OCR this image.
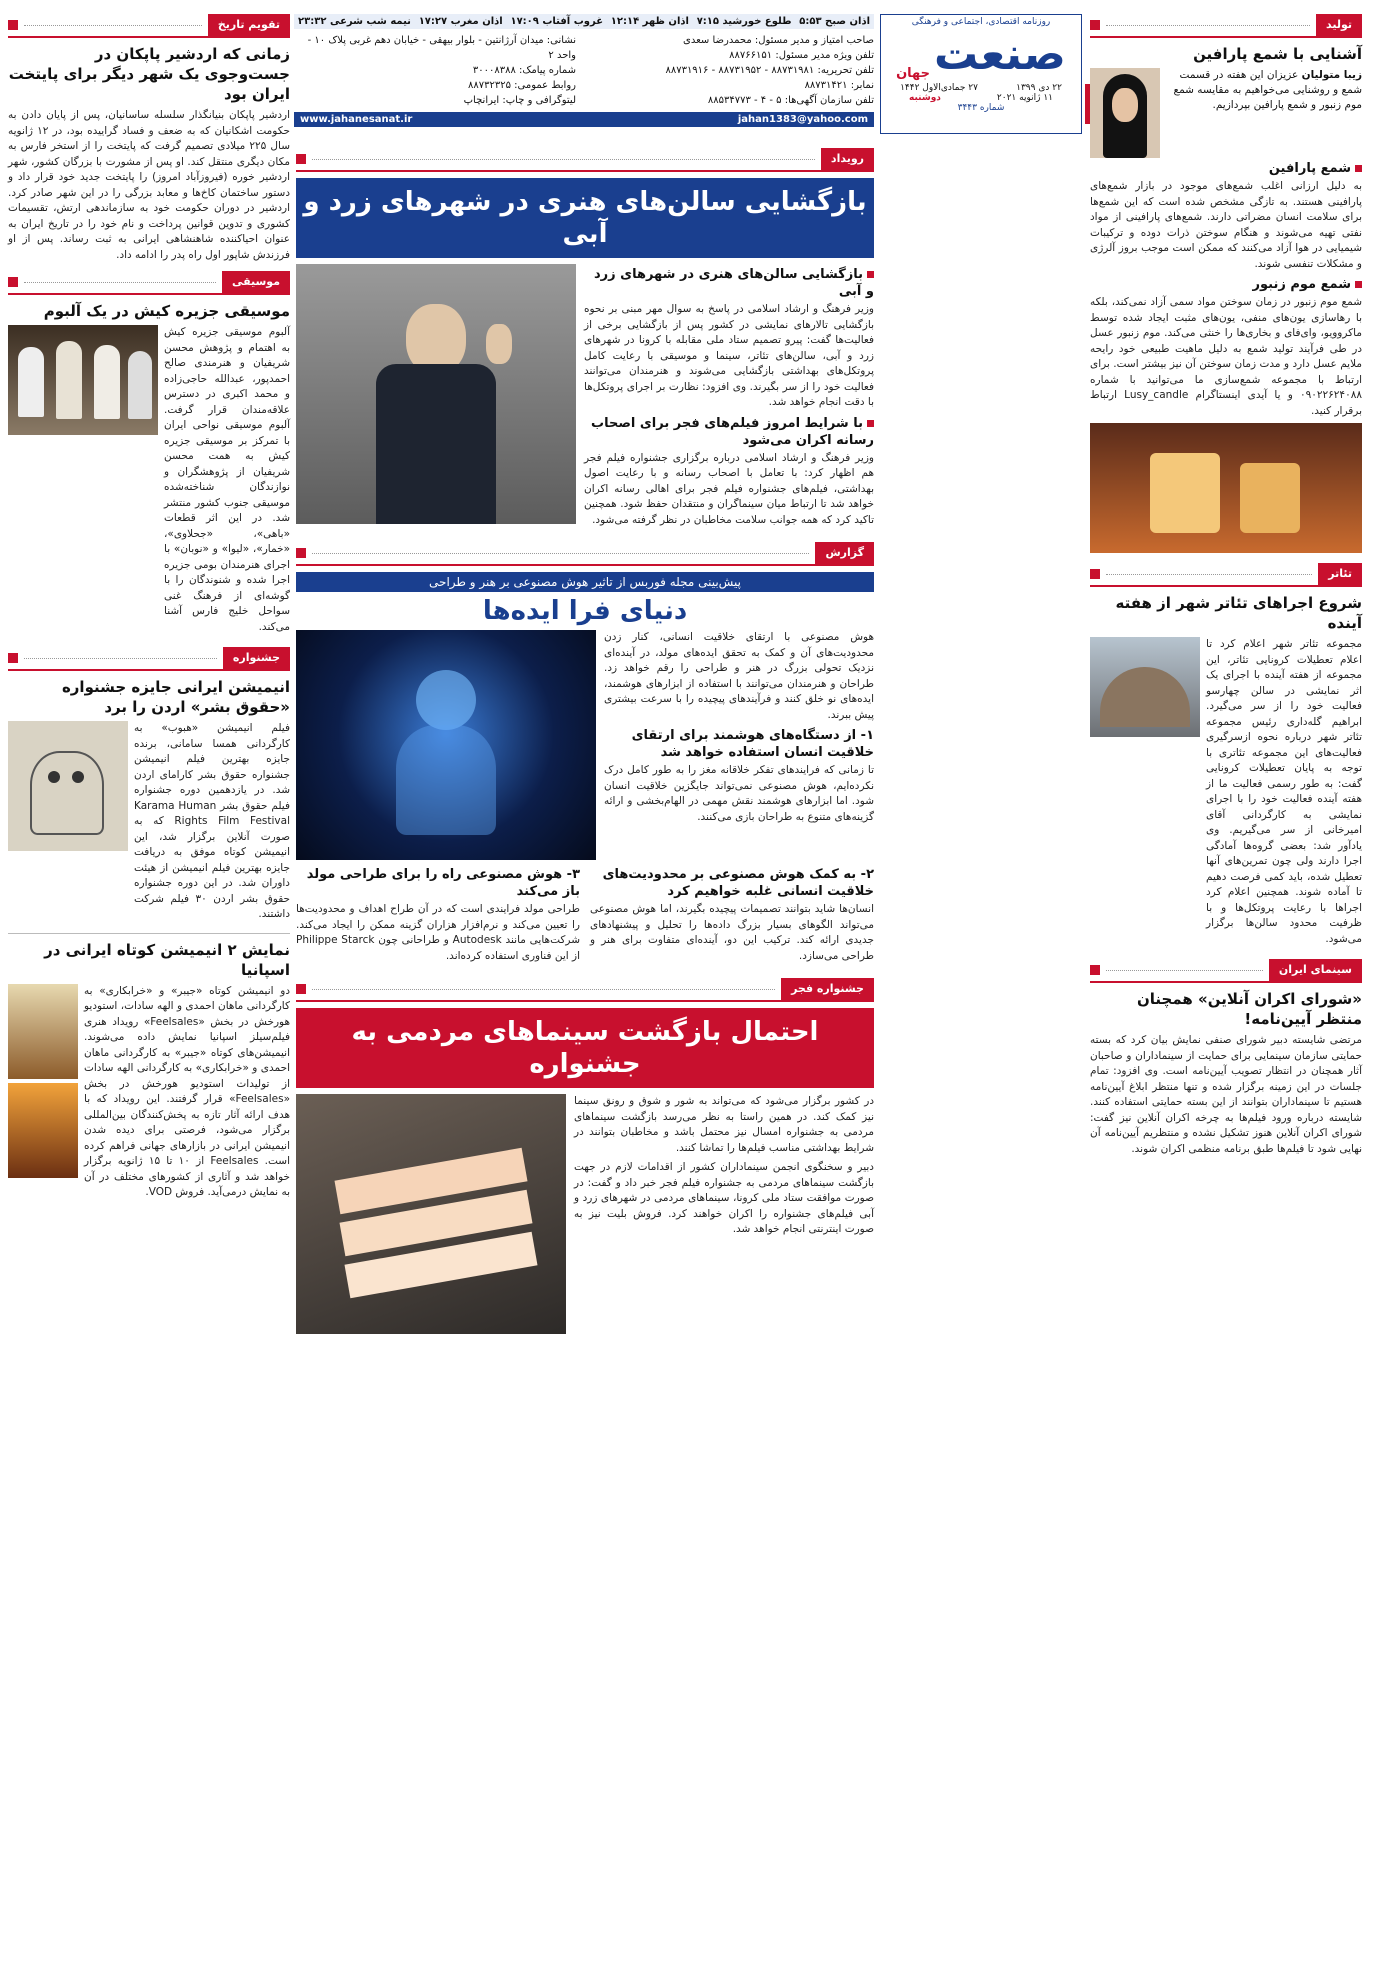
اذان صبح ۵:۵۳
طلوع خورشید ۷:۱۵
اذان ظهر ۱۲:۱۴
غروب آفتاب ۱۷:۰۹
اذان مغرب ۱۷:۲۷
نیمه شب شرعی ۲۳:۳۲
صاحب امتیاز و مدیر مسئول: محمدرضا سعدی
تلفن ویژه مدیر مسئول: ۸۸۷۶۶۱۵۱
تلفن تحریریه: ۸۸۷۳۱۹۸۱ - ۸۸۷۳۱۹۵۲ - ۸۸۷۳۱۹۱۶
نمابر: ۸۸۷۳۱۴۲۱
تلفن سازمان آگهی‌ها: ۵ - ۴ - ۸۸۵۳۴۷۷۳
نشانی: میدان آرژانتین - بلوار بیهقی - خیابان دهم غربی پلاک ۱۰ - واحد ۲
شماره پیامک: ۳۰۰۰۸۳۸۸
روابط عمومی: ۸۸۷۳۲۳۲۵
لیتوگرافی و چاپ: ایرانچاپ
www.jahanesanat.ir	jahan1383@yahoo.com
روزنامه اقتصادی، اجتماعی و فرهنگی
صنعت
جهان
۲۲ دی ۱۳۹۹
۲۷ جمادی‌الاول ۱۴۴۲
۱۱ ژانویه ۲۰۲۱
دوشنبه
شماره ۳۴۴۳
تقویم تاریخ
زمانی که اردشیر پاپکان در جست‌وجوی یک شهر دیگر برای پایتخت ایران بود

اردشیر پاپکان بنیانگذار سلسله ساسانیان، پس از پایان دادن به حکومت اشکانیان که به ضعف و فساد گراییده بود، در ۱۲ ژانویه سال ۲۲۵ میلادی تصمیم گرفت که پایتخت را از استخر فارس به مکان دیگری منتقل کند. او پس از مشورت با بزرگان کشور، شهر اردشیر خوره (فیروزآباد امروز) را پایتخت جدید خود قرار داد و دستور ساختمان کاخ‌ها و معابد بزرگی را در این شهر صادر کرد. اردشیر در دوران حکومت خود به سازماندهی ارتش، تقسیمات کشوری و تدوین قوانین پرداخت و نام خود را در تاریخ ایران به عنوان احیاکننده شاهنشاهی ایرانی به ثبت رساند. پس از او فرزندش شاپور اول راه پدر را ادامه داد.

موسیقی
موسیقی جزیره کیش در یک آلبوم

آلبوم موسیقی جزیره کیش به اهتمام و پژوهش محسن شریفیان و هنرمندی صالح احمدپور، عبدالله حاجی‌زاده و محمد اکبری در دسترس علاقه‌مندان قرار گرفت. آلبوم موسیقی نواحی ایران با تمرکز بر موسیقی جزیره کیش به همت محسن شریفیان از پژوهشگران و نوازندگان شناخته‌شده موسیقی جنوب کشور منتشر شد. در این اثر قطعات «باهی»، «جحلاوی»، «خمار»، «لیوا» و «نوبان» با اجرای هنرمندان بومی جزیره اجرا شده و شنوندگان را با گوشه‌ای از فرهنگ غنی سواحل خلیج فارس آشنا می‌کند.

جشنواره
انیمیشن ایرانی جایزه جشنواره «حقوق بشر» اردن را برد

فیلم انیمیشن «هبوب» به کارگردانی همسا سامانی، برنده جایزه بهترین فیلم انیمیشن جشنواره حقوق بشر کارامای اردن شد. در یازدهمین دوره جشنواره فیلم حقوق بشر Karama Human Rights Film Festival که به صورت آنلاین برگزار شد، این انیمیشن کوتاه موفق به دریافت جایزه بهترین فیلم انیمیشن از هیئت داوران شد. در این دوره جشنواره حقوق بشر اردن ۳۰ فیلم شرکت داشتند.

نمایش ۲ انیمیشن کوتاه ایرانی در اسپانیا

دو انیمیشن کوتاه «جیبر» و «خرابکاری» به کارگردانی ماهان احمدی و الهه سادات، استودیو هورخش در بخش «Feelsales» رویداد هنری فیلم‌سیلز اسپانیا نمایش داده می‌شوند. انیمیشن‌های کوتاه «جیبر» به کارگردانی ماهان احمدی و «خرابکاری» به کارگردانی الهه سادات از تولیدات استودیو هورخش در بخش «Feelsales» قرار گرفتند. این رویداد که با هدف ارائه آثار تازه به پخش‌کنندگان بین‌المللی برگزار می‌شود، فرصتی برای دیده شدن انیمیشن ایرانی در بازارهای جهانی فراهم کرده است. Feelsales از ۱۰ تا ۱۵ ژانویه برگزار خواهد شد و آثاری از کشورهای مختلف در آن به نمایش درمی‌آید. فروش VOD.

رویداد
بازگشایی سالن‌های هنری در شهرهای زرد و آبی
بازگشایی سالن‌های هنری در شهرهای زرد و آبی

وزیر فرهنگ و ارشاد اسلامی در پاسخ به سوال مهر مبنی بر نحوه بازگشایی تالارهای نمایشی در کشور پس از بازگشایی برخی از فعالیت‌ها گفت: پیرو تصمیم ستاد ملی مقابله با کرونا در شهرهای زرد و آبی، سالن‌های تئاتر، سینما و موسیقی با رعایت کامل پروتکل‌های بهداشتی بازگشایی می‌شوند و هنرمندان می‌توانند فعالیت خود را از سر بگیرند. وی افزود: نظارت بر اجرای پروتکل‌ها با دقت انجام خواهد شد.

با شرایط امروز فیلم‌های فجر برای اصحاب رسانه اکران می‌شود

وزیر فرهنگ و ارشاد اسلامی درباره برگزاری جشنواره فیلم فجر هم اظهار کرد: با تعامل با اصحاب رسانه و با رعایت اصول بهداشتی، فیلم‌های جشنواره فیلم فجر برای اهالی رسانه اکران خواهد شد تا ارتباط میان سینماگران و منتقدان حفظ شود. همچنین تاکید کرد که همه جوانب سلامت مخاطبان در نظر گرفته می‌شود.

گزارش
پیش‌بینی مجله فوربس از تاثیر هوش مصنوعی بر هنر و طراحی
دنیای فرا ایده‌ها

هوش مصنوعی با ارتقای خلاقیت انسانی، کنار زدن محدودیت‌های آن و کمک به تحقق ایده‌های مولد، در آینده‌ای نزدیک تحولی بزرگ در هنر و طراحی را رقم خواهد زد. طراحان و هنرمندان می‌توانند با استفاده از ابزارهای هوشمند، ایده‌های نو خلق کنند و فرآیندهای پیچیده را با سرعت بیشتری پیش ببرند.

۱- از دستگاه‌های هوشمند برای ارتقای خلاقیت انسان استفاده خواهد شد

تا زمانی که فرایندهای تفکر خلاقانه مغز را به طور کامل درک نکرده‌ایم، هوش مصنوعی نمی‌تواند جایگزین خلاقیت انسان شود. اما ابزارهای هوشمند نقش مهمی در الهام‌بخشی و ارائه گزینه‌های متنوع به طراحان بازی می‌کنند.

۲- به کمک هوش مصنوعی بر محدودیت‌های خلاقیت انسانی غلبه خواهیم کرد

انسان‌ها شاید بتوانند تصمیمات پیچیده بگیرند، اما هوش مصنوعی می‌تواند الگوهای بسیار بزرگ داده‌ها را تحلیل و پیشنهادهای جدیدی ارائه کند. ترکیب این دو، آینده‌ای متفاوت برای هنر و طراحی می‌سازد.

۳- هوش مصنوعی راه را برای طراحی مولد باز می‌کند

طراحی مولد فرایندی است که در آن طراح اهداف و محدودیت‌ها را تعیین می‌کند و نرم‌افزار هزاران گزینه ممکن را ایجاد می‌کند. شرکت‌هایی مانند Autodesk و طراحانی چون Philippe Starck از این فناوری استفاده کرده‌اند.

جشنواره فجر
احتمال بازگشت سینماهای مردمی به جشنواره

در کشور برگزار می‌شود که می‌تواند به شور و شوق و رونق سینما نیز کمک کند. در همین راستا به نظر می‌رسد بازگشت سینماهای مردمی به جشنواره امسال نیز محتمل باشد و مخاطبان بتوانند در شرایط بهداشتی مناسب فیلم‌ها را تماشا کنند.

دبیر و سخنگوی انجمن سینماداران کشور از اقدامات لازم در جهت بازگشت سینماهای مردمی به جشنواره فیلم فجر خبر داد و گفت: در صورت موافقت ستاد ملی کرونا، سینماهای مردمی در شهرهای زرد و آبی فیلم‌های جشنواره را اکران خواهند کرد. فروش بلیت نیز به صورت اینترنتی انجام خواهد شد.

تولید
آشنایی با شمع پارافین
زیبا متولیان عزیزان این هفته در قسمت شمع و روشنایی می‌خواهیم به مقایسه شمع موم زنبور و شمع پارافین بپردازیم.
شمع پارافین

به دلیل ارزانی اغلب شمع‌های موجود در بازار شمع‌های پارافینی هستند. به تازگی مشخص شده است که این شمع‌ها برای سلامت انسان مضراتی دارند. شمع‌های پارافینی از مواد نفتی تهیه می‌شوند و هنگام سوختن ذرات دوده و ترکیبات شیمیایی در هوا آزاد می‌کنند که ممکن است موجب بروز آلرژی و مشکلات تنفسی شوند.

شمع موم زنبور

شمع موم زنبور در زمان سوختن مواد سمی آزاد نمی‌کند، بلکه با رهاسازی یون‌های منفی، یون‌های مثبت ایجاد شده توسط ماکروویو، وای‌فای و بخاری‌ها را خنثی می‌کند. موم زنبور عسل در طی فرآیند تولید شمع به دلیل ماهیت طبیعی خود رایحه ملایم عسل دارد و مدت زمان سوختن آن نیز بیشتر است. برای ارتباط با مجموعه شمع‌سازی ما می‌توانید با شماره ۰۹۰۲۲۶۲۴۰۸۸ و یا آیدی اینستاگرام Lusy_candle ارتباط برقرار کنید.

تئاتر
شروع اجراهای تئاتر شهر از هفته آینده

مجموعه تئاتر شهر اعلام کرد تا اعلام تعطیلات کرونایی تئاتر، این مجموعه از هفته آینده با اجرای یک اثر نمایشی در سالن چهارسو فعالیت خود را از سر می‌گیرد. ابراهیم گله‌داری رئیس مجموعه تئاتر شهر درباره نحوه ازسرگیری فعالیت‌های این مجموعه تئاتری با توجه به پایان تعطیلات کرونایی گفت: به طور رسمی فعالیت ما از هفته آینده فعالیت خود را با اجرای نمایشی به کارگردانی آقای امیرخانی از سر می‌گیریم. وی یادآور شد: بعضی گروه‌ها آمادگی اجرا دارند ولی چون تمرین‌های آنها تعطیل شده، باید کمی فرصت دهیم تا آماده شوند. همچنین اعلام کرد اجراها با رعایت پروتکل‌ها و با ظرفیت محدود سالن‌ها برگزار می‌شود.

سینمای ایران
«شورای اکران آنلاین» همچنان منتظر آیین‌نامه!

مرتضی شایسته دبیر شورای صنفی نمایش بیان کرد که بسته حمایتی سازمان سینمایی برای حمایت از سینماداران و صاحبان آثار همچنان در انتظار تصویب آیین‌نامه است. وی افزود: تمام جلسات در این زمینه برگزار شده و تنها منتظر ابلاغ آیین‌نامه هستیم تا سینماداران بتوانند از این بسته حمایتی استفاده کنند. شایسته درباره ورود فیلم‌ها به چرخه اکران آنلاین نیز گفت: شورای اکران آنلاین هنوز تشکیل نشده و منتظریم آیین‌نامه آن نهایی شود تا فیلم‌ها طبق برنامه منظمی اکران شوند.
